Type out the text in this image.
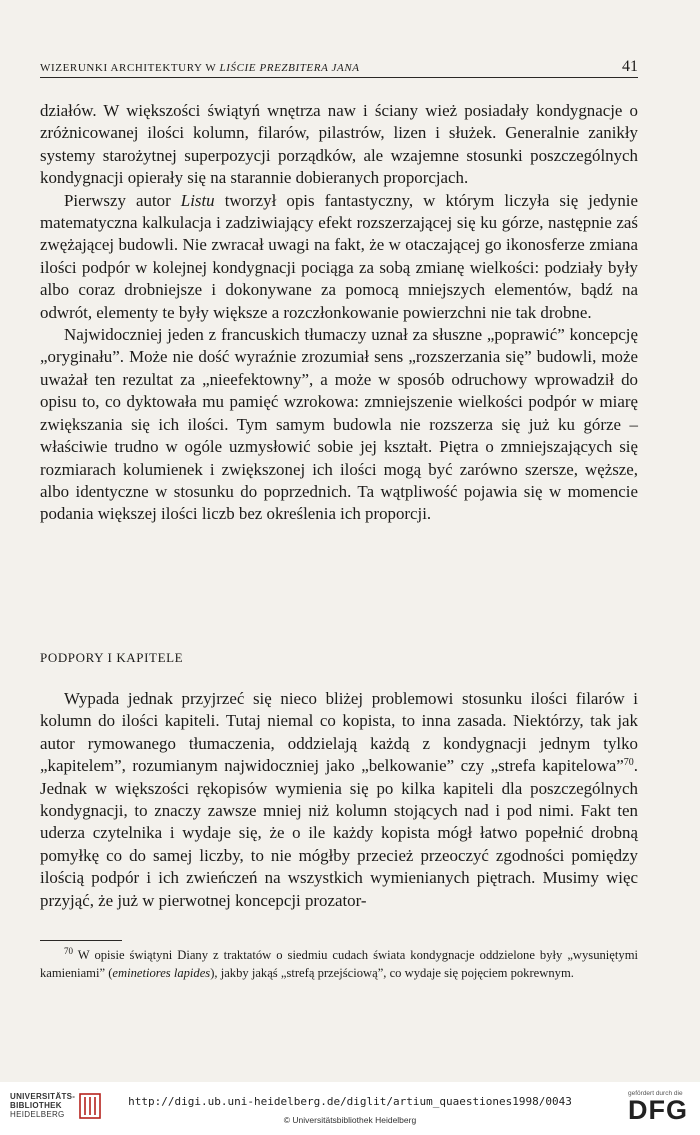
WIZERUNKI ARCHITEKTURY W LIŚCIE PREZBITERA JANA	41

działów. W większości świątyń wnętrza naw i ściany wież posiadały kondygnacje o zróżnicowanej ilości kolumn, filarów, pilastrów, lizen i służek. Generalnie zanikły systemy starożytnej superpozycji porządków, ale wzajemne stosunki poszczególnych kondygnacji opierały się na starannie dobieranych proporcjach.

Pierwszy autor Listu tworzył opis fantastyczny, w którym liczyła się jedynie matematyczna kalkulacja i zadziwiający efekt rozszerzającej się ku górze, następnie zaś zwężającej budowli. Nie zwracał uwagi na fakt, że w otaczającej go ikonosferze zmiana ilości podpór w kolejnej kondygnacji pociąga za sobą zmianę wielkości: podziały były albo coraz drobniejsze i dokonywane za pomocą mniejszych elementów, bądź na odwrót, elementy te były większe a rozczłonkowanie powierzchni nie tak drobne.

Najwidoczniej jeden z francuskich tłumaczy uznał za słuszne „poprawić” koncepcję „oryginału”. Może nie dość wyraźnie zrozumiał sens „rozszerzania się” budowli, może uważał ten rezultat za „nieefektowny”, a może w sposób odruchowy wprowadził do opisu to, co dyktowała mu pamięć wzrokowa: zmniejszenie wielkości podpór w miarę zwiększania się ich ilości. Tym samym budowla nie rozszerza się już ku górze – właściwie trudno w ogóle uzmysłowić sobie jej kształt. Piętra o zmniejszających się rozmiarach kolumienek i zwiększonej ich ilości mogą być zarówno szersze, węższe, albo identyczne w stosunku do poprzednich. Ta wątpliwość pojawia się w momencie podania większej ilości liczb bez określenia ich proporcji.

PODPORY I KAPITELE

Wypada jednak przyjrzeć się nieco bliżej problemowi stosunku ilości filarów i kolumn do ilości kapiteli. Tutaj niemal co kopista, to inna zasada. Niektórzy, tak jak autor rymowanego tłumaczenia, oddzielają każdą z kondygnacji jednym tylko „kapitelem”, rozumianym najwidoczniej jako „belkowanie” czy „strefa kapitelowa”$^{70}$. Jednak w większości rękopisów wymienia się po kilka kapiteli dla poszczególnych kondygnacji, to znaczy zawsze mniej niż kolumn stojących nad i pod nimi. Fakt ten uderza czytelnika i wydaje się, że o ile każdy kopista mógł łatwo popełnić drobną pomyłkę co do samej liczby, to nie mógłby przecież przeoczyć zgodności pomiędzy ilością podpór i ich zwieńczeń na wszystkich wymienianych piętrach. Musimy więc przyjąć, że już w pierwotnej koncepcji prozator-

$^{70}$ W opisie świątyni Diany z traktatów o siedmiu cudach świata kondygnacje oddzielone były „wysuniętymi kamieniami” (eminetiores lapides), jakby jakąś „strefą przejściową”, co wydaje się pojęciem pokrewnym.

UNIVERSITÄTS-
BIBLIOTHEK
HEIDELBERG
http://digi.ub.uni-heidelberg.de/diglit/artium_quaestiones1998/0043
© Universitätsbibliothek Heidelberg
gefördert durch die
DFG
